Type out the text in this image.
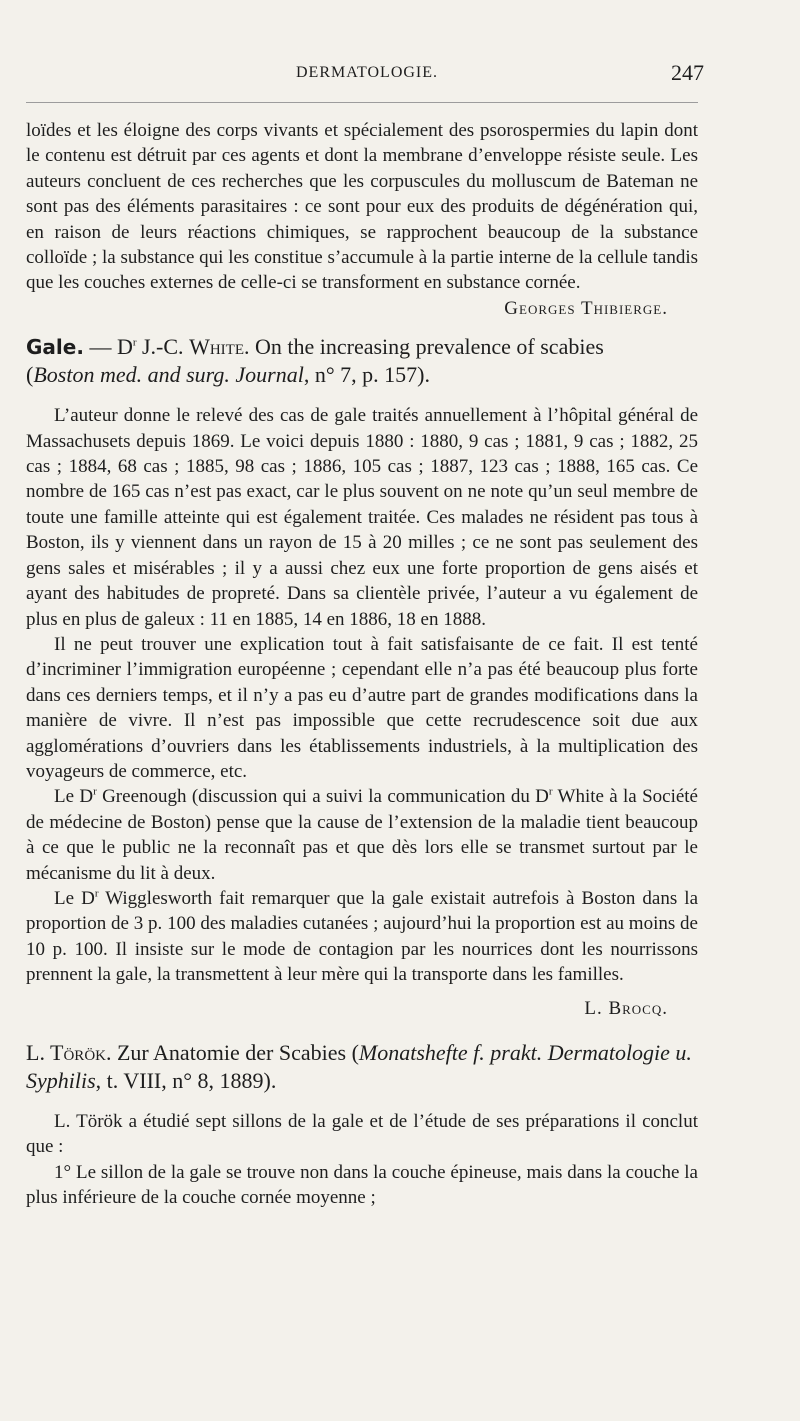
DERMATOLOGIE.	247

loïdes et les éloigne des corps vivants et spécialement des psorospermies du lapin dont le contenu est détruit par ces agents et dont la membrane d’enveloppe résiste seule. Les auteurs concluent de ces recherches que les corpuscules du molluscum de Bateman ne sont pas des éléments parasitaires : ce sont pour eux des produits de dégénération qui, en raison de leurs réactions chimiques, se rapprochent beaucoup de la substance colloïde ; la substance qui les constitue s’accumule à la partie interne de la cellule tandis que les couches externes de celle-ci se transforment en substance cornée.

Georges Thibierge.

Gale. — $D^r$ J.-C. White. On the increasing prevalence of scabies
(Boston med. and surg. Journal, n° 7, p. 157).

L’auteur donne le relevé des cas de gale traités annuellement à l’hôpital général de Massachusets depuis 1869. Le voici depuis 1880 : 1880, 9 cas ; 1881, 9 cas ; 1882, 25 cas ; 1884, 68 cas ; 1885, 98 cas ; 1886, 105 cas ; 1887, 123 cas ; 1888, 165 cas. Ce nombre de 165 cas n’est pas exact, car le plus souvent on ne note qu’un seul membre de toute une famille atteinte qui est également traitée. Ces malades ne résident pas tous à Boston, ils y viennent dans un rayon de 15 à 20 milles ; ce ne sont pas seulement des gens sales et misérables ; il y a aussi chez eux une forte proportion de gens aisés et ayant des habitudes de propreté. Dans sa clientèle privée, l’auteur a vu également de plus en plus de galeux : 11 en 1885, 14 en 1886, 18 en 1888.

Il ne peut trouver une explication tout à fait satisfaisante de ce fait. Il est tenté d’incriminer l’immigration européenne ; cependant elle n’a pas été beaucoup plus forte dans ces derniers temps, et il n’y a pas eu d’autre part de grandes modifications dans la manière de vivre. Il n’est pas impossible que cette recrudescence soit due aux agglomérations d’ouvriers dans les établissements industriels, à la multiplication des voyageurs de commerce, etc.

Le $D^r$ Greenough (discussion qui a suivi la communication du $D^r$ White à la Société de médecine de Boston) pense que la cause de l’extension de la maladie tient beaucoup à ce que le public ne la reconnaît pas et que dès lors elle se transmet surtout par le mécanisme du lit à deux.

Le $D^r$ Wigglesworth fait remarquer que la gale existait autrefois à Boston dans la proportion de 3 p. 100 des maladies cutanées ; aujourd’hui la proportion est au moins de 10 p. 100. Il insiste sur le mode de contagion par les nourrices dont les nourrissons prennent la gale, la transmettent à leur mère qui la transporte dans les familles.

L. Brocq.

L. Török. Zur Anatomie der Scabies (Monatshefte f. prakt. Dermatologie u. Syphilis, t. VIII, n° 8, 1889).

L. Török a étudié sept sillons de la gale et de l’étude de ses préparations il conclut que :

1° Le sillon de la gale se trouve non dans la couche épineuse, mais dans la couche la plus inférieure de la couche cornée moyenne ;
